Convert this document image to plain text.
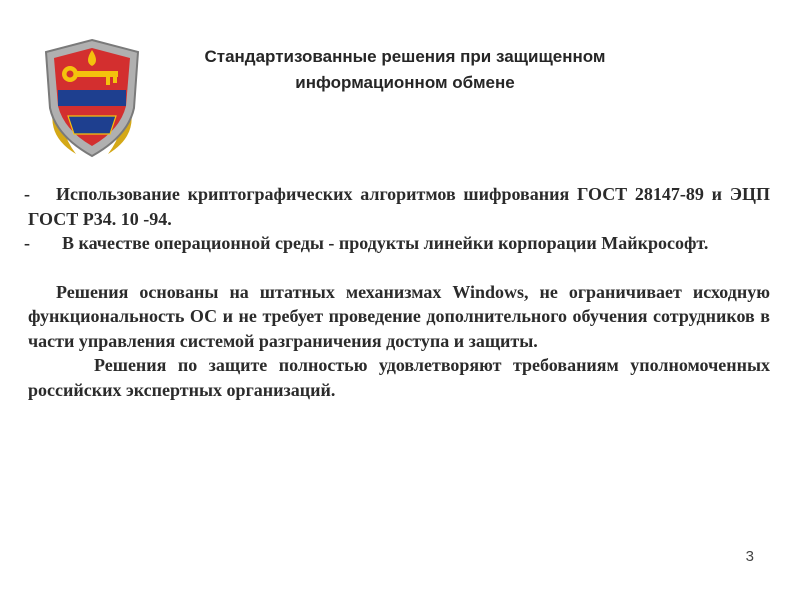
Стандартизованные решения при защищенном
информационном обмене
-	Использование криптографических алгоритмов шифрования ГОСТ 28147-89 и ЭЦП ГОСТ Р34. 10 -94.
-	В качестве операционной среды - продукты линейки корпорации Майкрософт.

Решения основаны на штатных механизмах Windows, не ограничивает исходную функциональность ОС и не требует проведение дополнительного обучения сотрудников в части управления системой разграничения доступа и защиты.

Решения по защите полностью удовлетворяют требованиям уполномоченных российских экспертных организаций.

3
